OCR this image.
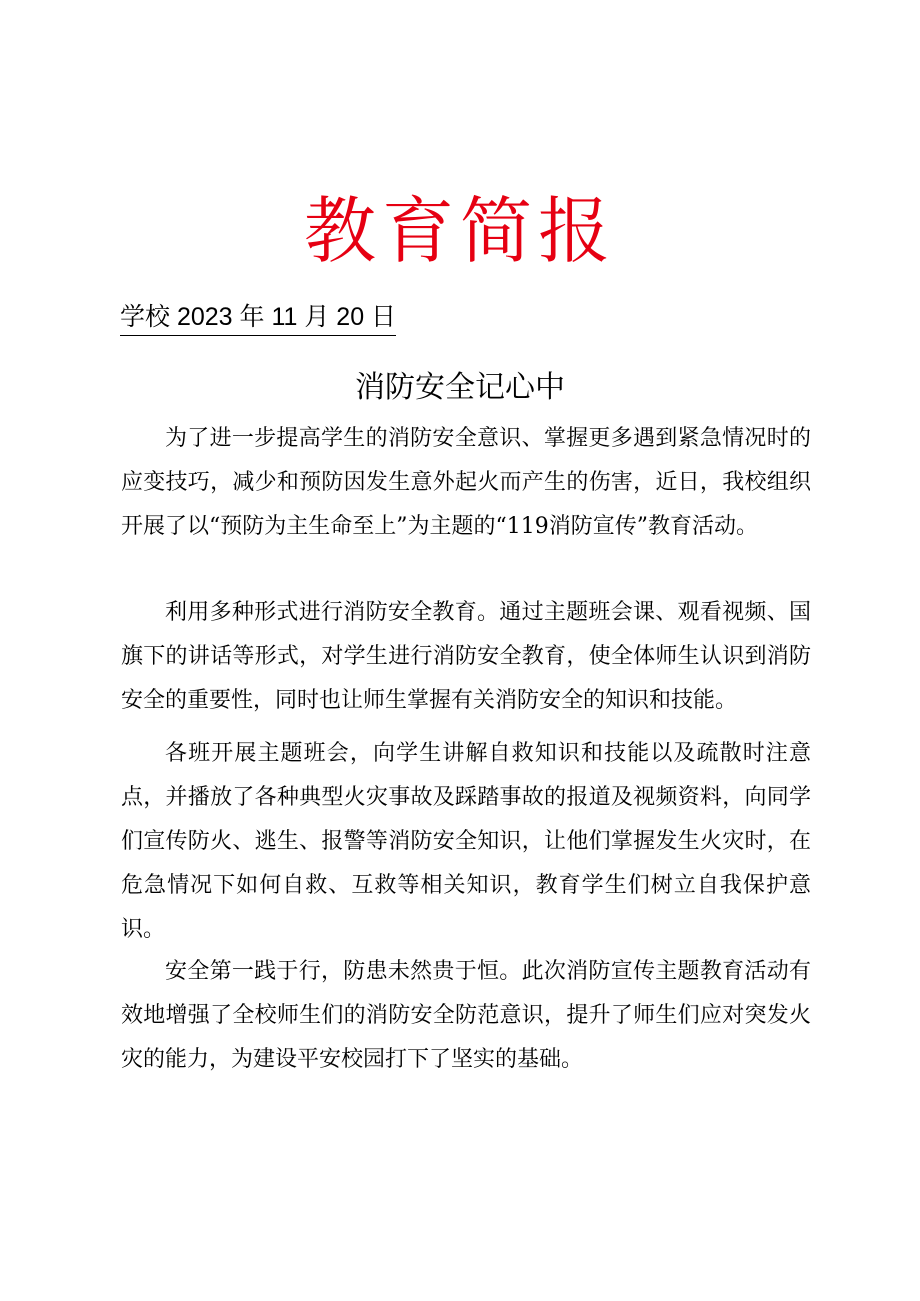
教育简报
学校 2023 年 11 月 20 日
消防安全记心中

为了进一步提高学生的消防安全意识、掌握更多遇到紧急情况时的应变技巧，减少和预防因发生意外起火而产生的伤害，近日，我校组织开展了以“预防为主生命至上”为主题的“119消防宣传”教育活动。

利用多种形式进行消防安全教育。通过主题班会课、观看视频、国旗下的讲话等形式，对学生进行消防安全教育，使全体师生认识到消防安全的重要性，同时也让师生掌握有关消防安全的知识和技能。

各班开展主题班会，向学生讲解自救知识和技能以及疏散时注意点，并播放了各种典型火灾事故及踩踏事故的报道及视频资料，向同学们宣传防火、逃生、报警等消防安全知识，让他们掌握发生火灾时，在危急情况下如何自救、互救等相关知识，教育学生们树立自我保护意识。

安全第一践于行，防患未然贵于恒。此次消防宣传主题教育活动有效地增强了全校师生们的消防安全防范意识，提升了师生们应对突发火灾的能力，为建设平安校园打下了坚实的基础。
